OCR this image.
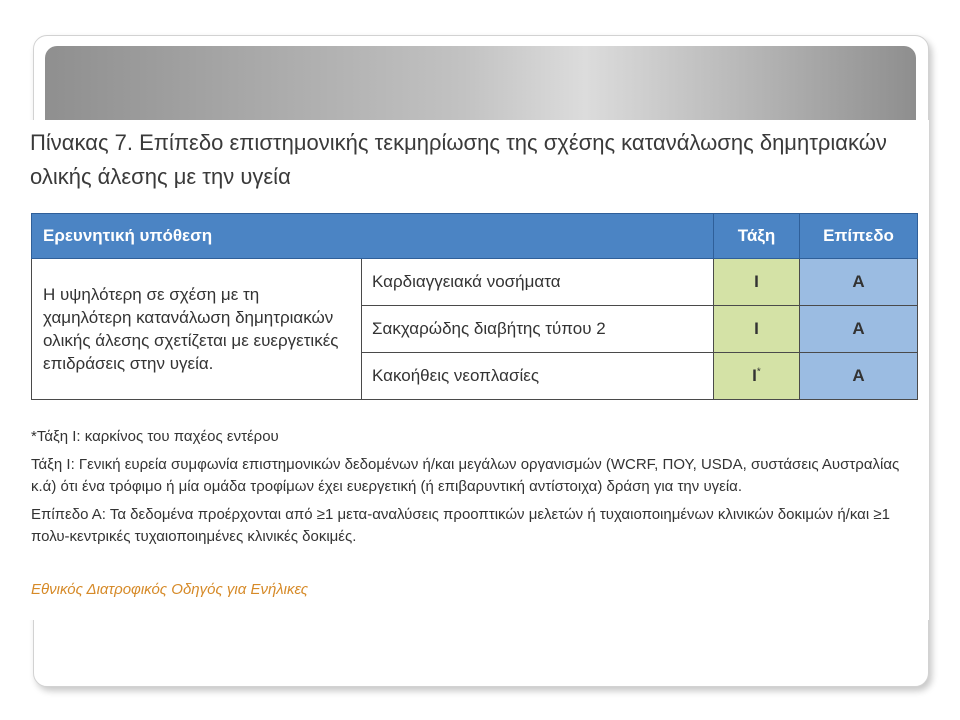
Πίνακας 7. Επίπεδο επιστημονικής τεκμηρίωσης της σχέσης κατανάλωσης δημητριακών ολικής άλεσης με την υγεία
Ερευνητική υπόθεση		Τάξη	Επίπεδο
Η υψηλότερη σε σχέση με τη χαμηλότερη κατανάλωση δημητριακών ολικής άλεσης σχετίζεται με ευεργετικές επιδράσεις στην υγεία.	Καρδιαγγειακά νοσήματα	I	A
	Σακχαρώδης διαβήτης τύπου 2	I	A
	Κακοήθεις νεοπλασίες	I*	A

*Τάξη I: καρκίνος του παχέος εντέρου

Τάξη I: Γενική ευρεία συμφωνία επιστημονικών δεδομένων ή/και μεγάλων οργανισμών (WCRF, ΠΟΥ, USDA, συστάσεις Αυστραλίας κ.ά) ότι ένα τρόφιμο ή μία ομάδα τροφίμων έχει ευεργετική (ή επιβαρυντική αντίστοιχα) δράση για την υγεία.

Επίπεδο Α: Τα δεδομένα προέρχονται από ≥1 μετα-αναλύσεις προοπτικών μελετών ή τυχαιοποιημένων κλινικών δοκιμών ή/και ≥1 πολυ-κεντρικές τυχαιοποιημένες κλινικές δοκιμές.

Εθνικός Διατροφικός Οδηγός για Ενήλικες
